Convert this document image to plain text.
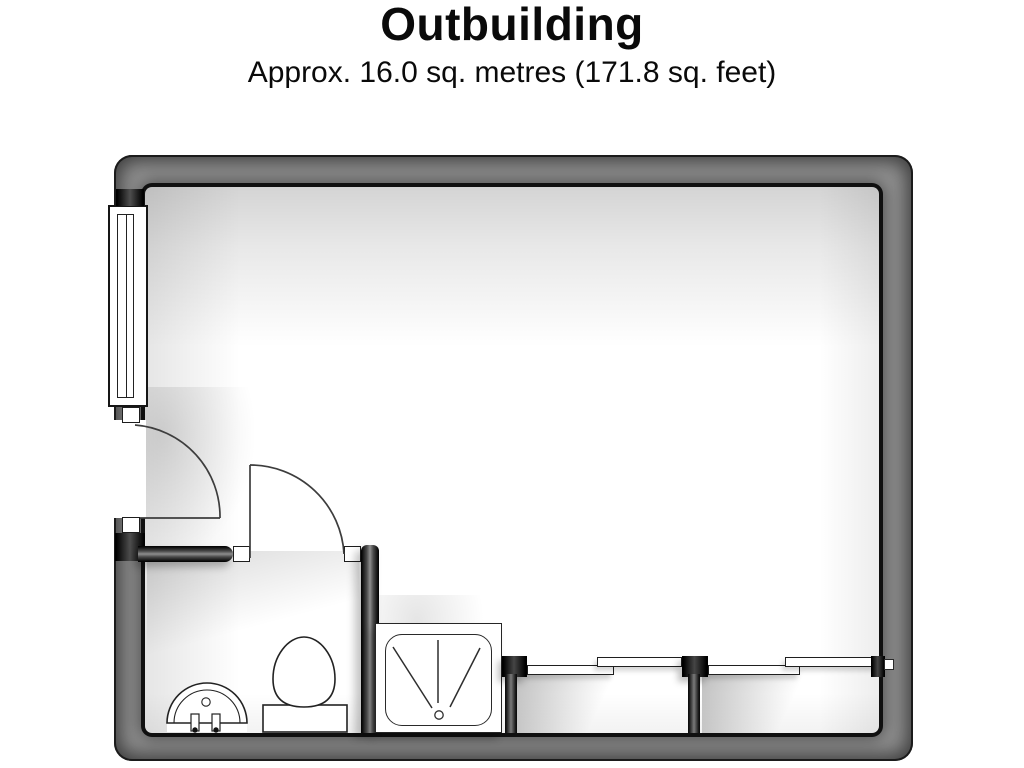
Outbuilding
Approx. 16.0 sq. metres (171.8 sq. feet)
